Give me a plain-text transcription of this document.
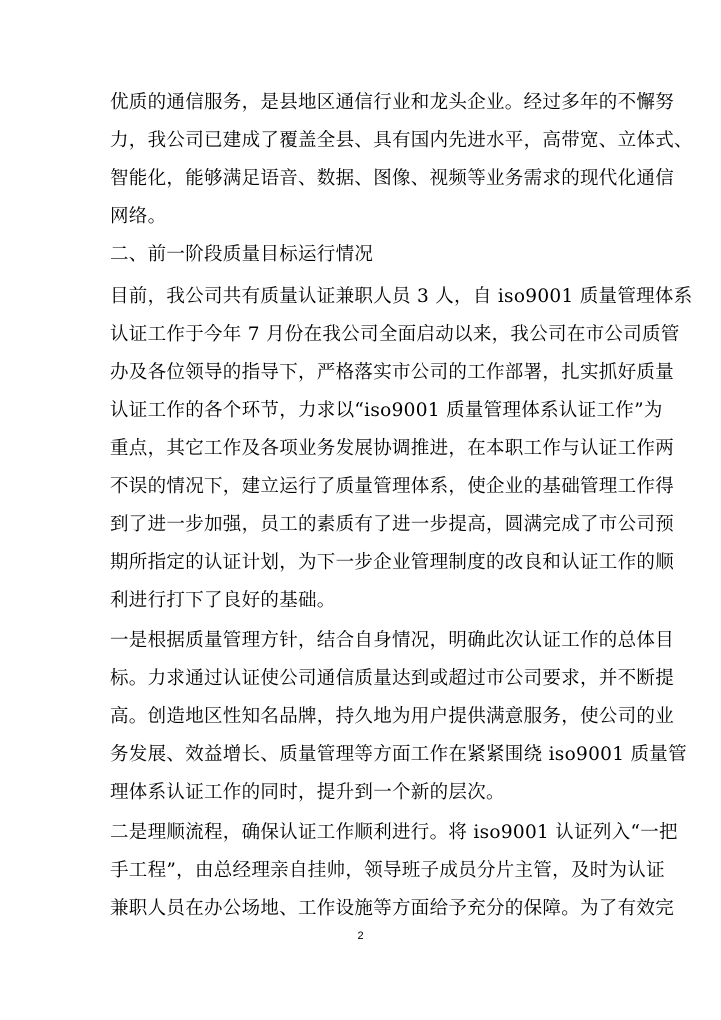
优质的通信服务，是县地区通信行业和龙头企业。经过多年的不懈努
力，我公司已建成了覆盖全县、具有国内先进水平，高带宽、立体式、
智能化，能够满足语音、数据、图像、视频等业务需求的现代化通信
网络。
二、前一阶段质量目标运行情况
目前，我公司共有质量认证兼职人员 3 人，自 iso9001 质量管理体系
认证工作于今年 7 月份在我公司全面启动以来，我公司在市公司质管
办及各位领导的指导下，严格落实市公司的工作部署，扎实抓好质量
认证工作的各个环节，力求以“iso9001 质量管理体系认证工作”为
重点，其它工作及各项业务发展协调推进，在本职工作与认证工作两
不误的情况下，建立运行了质量管理体系，使企业的基础管理工作得
到了进一步加强，员工的素质有了进一步提高，圆满完成了市公司预
期所指定的认证计划，为下一步企业管理制度的改良和认证工作的顺
利进行打下了良好的基础。
一是根据质量管理方针，结合自身情况，明确此次认证工作的总体目
标。力求通过认证使公司通信质量达到或超过市公司要求，并不断提
高。创造地区性知名品牌，持久地为用户提供满意服务，使公司的业
务发展、效益增长、质量管理等方面工作在紧紧围绕 iso9001 质量管
理体系认证工作的同时，提升到一个新的层次。
二是理顺流程，确保认证工作顺利进行。将 iso9001 认证列入“一把
手工程”，由总经理亲自挂帅，领导班子成员分片主管，及时为认证
兼职人员在办公场地、工作设施等方面给予充分的保障。为了有效完
2
